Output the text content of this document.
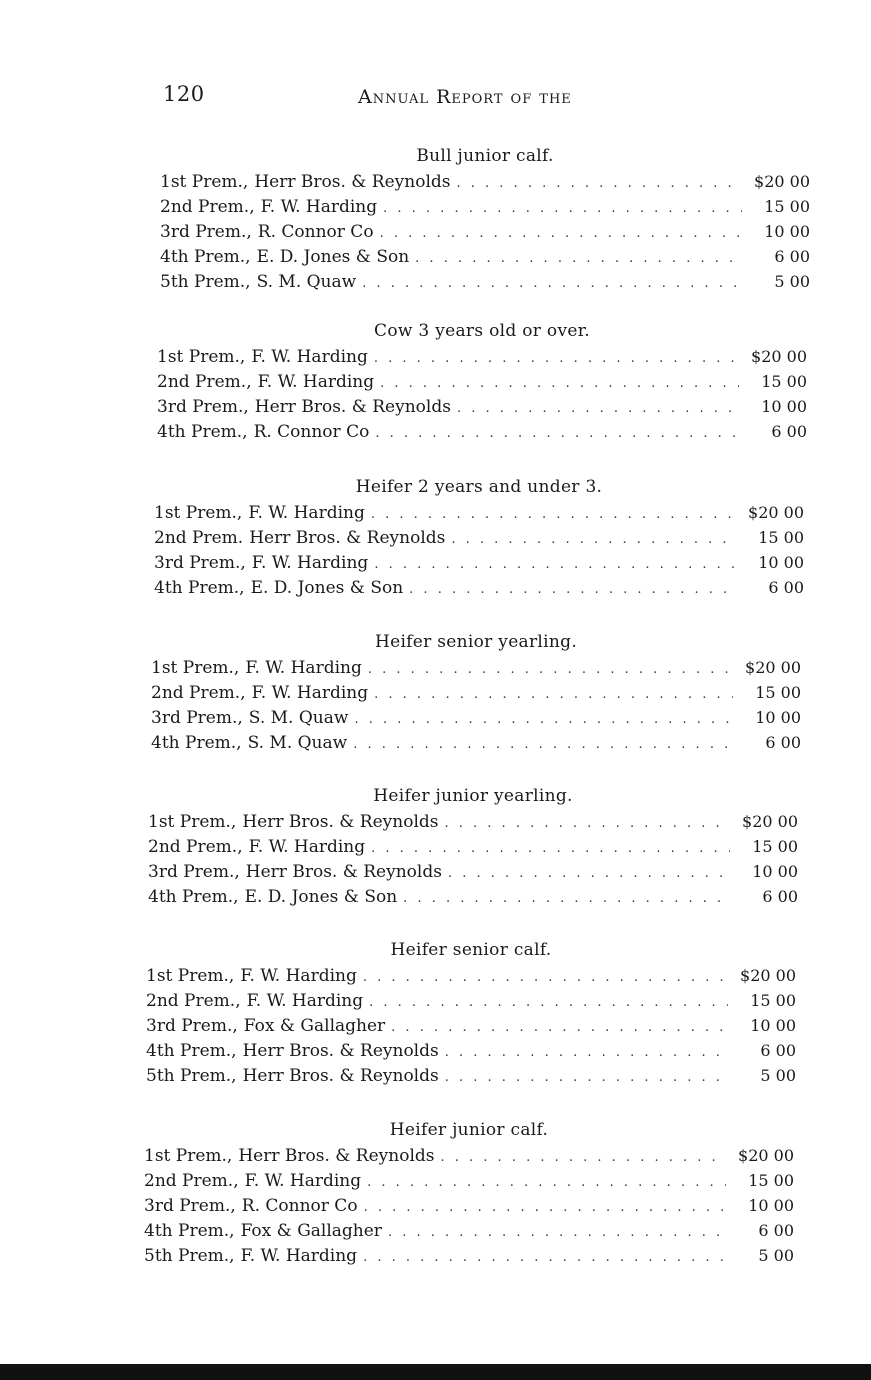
120	Annual Report of the
Bull junior calf.
1st Prem., Herr Bros. & Reynolds . . .	$20 00
2nd Prem., F. W. Harding . . .	15 00
3rd Prem., R. Connor Co . . .	10 00
4th Prem., E. D. Jones & Son . . .	6 00
5th Prem., S. M. Quaw . . .	5 00
Cow 3 years old or over.
1st Prem., F. W. Harding . . .	$20 00
2nd Prem., F. W. Harding . . .	15 00
3rd Prem., Herr Bros. & Reynolds . . .	10 00
4th Prem., R. Connor Co . . .	6 00
Heifer 2 years and under 3.
1st Prem., F. W. Harding . . .	$20 00
2nd Prem. Herr Bros. & Reynolds . . .	15 00
3rd Prem., F. W. Harding . . .	10 00
4th Prem., E. D. Jones & Son . . .	6 00
Heifer senior yearling.
1st Prem., F. W. Harding . . .	$20 00
2nd Prem., F. W. Harding . . .	15 00
3rd Prem., S. M. Quaw . . .	10 00
4th Prem., S. M. Quaw . . .	6 00
Heifer junior yearling.
1st Prem., Herr Bros. & Reynolds . . .	$20 00
2nd Prem., F. W. Harding . . .	15 00
3rd Prem., Herr Bros. & Reynolds . . .	10 00
4th Prem., E. D. Jones & Son . . .	6 00
Heifer senior calf.
1st Prem., F. W. Harding . . .	$20 00
2nd Prem., F. W. Harding . . .	15 00
3rd Prem., Fox & Gallagher . . .	10 00
4th Prem., Herr Bros. & Reynolds . . .	6 00
5th Prem., Herr Bros. & Reynolds . . .	5 00
Heifer junior calf.
1st Prem., Herr Bros. & Reynolds . . .	$20 00
2nd Prem., F. W. Harding . . .	15 00
3rd Prem., R. Connor Co . . .	10 00
4th Prem., Fox & Gallagher . . .	6 00
5th Prem., F. W. Harding . . .	5 00
